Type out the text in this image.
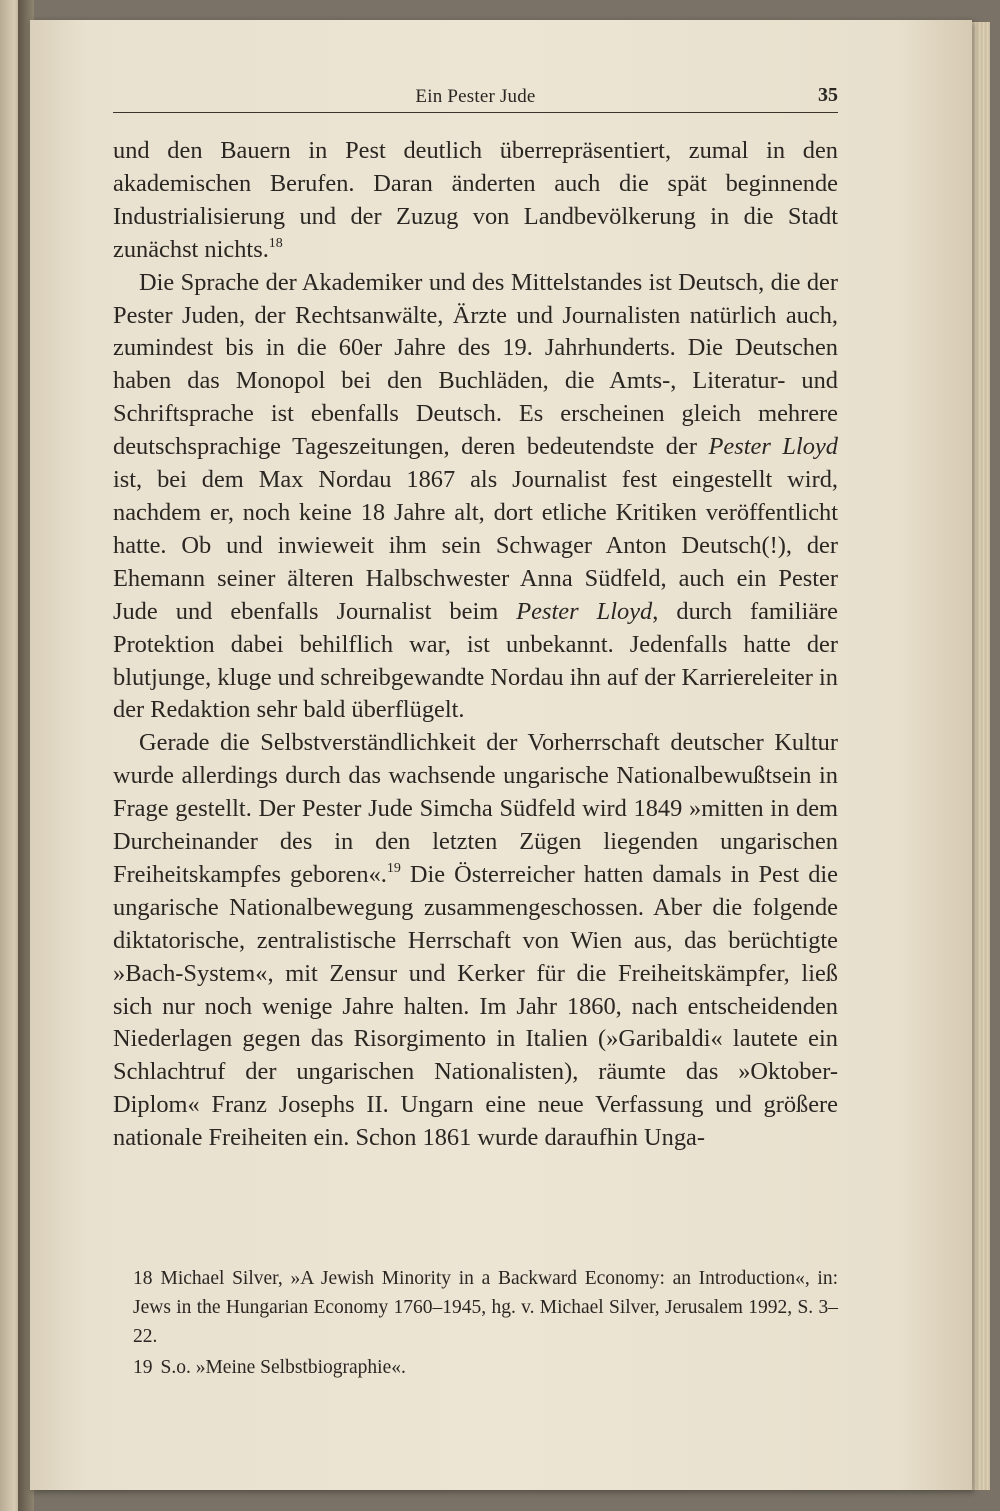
Ein Pester Jude	35

und den Bauern in Pest deutlich überrepräsentiert, zumal in den akademischen Berufen. Daran änderten auch die spät beginnende Industrialisierung und der Zuzug von Landbevölkerung in die Stadt zunächst nichts.$^{18}$

Die Sprache der Akademiker und des Mittelstandes ist Deutsch, die der Pester Juden, der Rechtsanwälte, Ärzte und Journalisten natürlich auch, zumindest bis in die 60er Jahre des 19. Jahrhunderts. Die Deutschen haben das Monopol bei den Buchläden, die Amts-, Literatur- und Schriftsprache ist ebenfalls Deutsch. Es erscheinen gleich mehrere deutschsprachige Tageszeitungen, deren bedeutendste der Pester Lloyd ist, bei dem Max Nordau 1867 als Journalist fest eingestellt wird, nachdem er, noch keine 18 Jahre alt, dort etliche Kritiken veröffentlicht hatte. Ob und inwieweit ihm sein Schwager Anton Deutsch(!), der Ehemann seiner älteren Halbschwester Anna Südfeld, auch ein Pester Jude und ebenfalls Journalist beim Pester Lloyd, durch familiäre Protektion dabei behilflich war, ist unbekannt. Jedenfalls hatte der blutjunge, kluge und schreibgewandte Nordau ihn auf der Karriereleiter in der Redaktion sehr bald überflügelt.

Gerade die Selbstverständlichkeit der Vorherrschaft deutscher Kultur wurde allerdings durch das wachsende ungarische Nationalbewußtsein in Frage gestellt. Der Pester Jude Simcha Südfeld wird 1849 »mitten in dem Durcheinander des in den letzten Zügen liegenden ungarischen Freiheitskampfes geboren«.$^{19}$ Die Österreicher hatten damals in Pest die ungarische Nationalbewegung zusammengeschossen. Aber die folgende diktatorische, zentralistische Herrschaft von Wien aus, das berüchtigte »Bach-System«, mit Zensur und Kerker für die Freiheitskämpfer, ließ sich nur noch wenige Jahre halten. Im Jahr 1860, nach entscheidenden Niederlagen gegen das Risorgimento in Italien (»Garibaldi« lautete ein Schlachtruf der ungarischen Nationalisten), räumte das »Oktober-Diplom« Franz Josephs II. Ungarn eine neue Verfassung und größere nationale Freiheiten ein. Schon 1861 wurde daraufhin Unga-

18 Michael Silver, »A Jewish Minority in a Backward Economy: an Introduction«, in: Jews in the Hungarian Economy 1760–1945, hg. v. Michael Silver, Jerusalem 1992, S. 3–22.
19 S.o. »Meine Selbstbiographie«.
